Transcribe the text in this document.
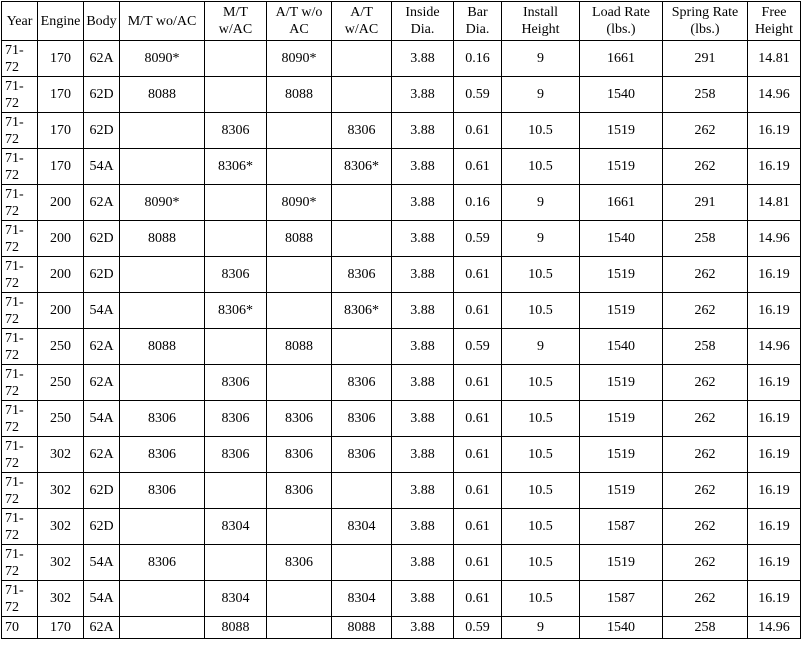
Year	Engine	Body	M/T wo/AC	M/T w/AC	A/T w/o AC	A/T w/AC	Inside Dia.	Bar Dia.	Install Height	Load Rate (lbs.)	Spring Rate (lbs.)	Free Height
71-
72	170	62A	8090*		8090*		3.88	0.16	9	1661	291	14.81
71-
72	170	62D	8088		8088		3.88	0.59	9	1540	258	14.96
71-
72	170	62D		8306		8306	3.88	0.61	10.5	1519	262	16.19
71-
72	170	54A		8306*		8306*	3.88	0.61	10.5	1519	262	16.19
71-
72	200	62A	8090*		8090*		3.88	0.16	9	1661	291	14.81
71-
72	200	62D	8088		8088		3.88	0.59	9	1540	258	14.96
71-
72	200	62D		8306		8306	3.88	0.61	10.5	1519	262	16.19
71-
72	200	54A		8306*		8306*	3.88	0.61	10.5	1519	262	16.19
71-
72	250	62A	8088		8088		3.88	0.59	9	1540	258	14.96
71-
72	250	62A		8306		8306	3.88	0.61	10.5	1519	262	16.19
71-
72	250	54A	8306	8306	8306	8306	3.88	0.61	10.5	1519	262	16.19
71-
72	302	62A	8306	8306	8306	8306	3.88	0.61	10.5	1519	262	16.19
71-
72	302	62D	8306		8306		3.88	0.61	10.5	1519	262	16.19
71-
72	302	62D		8304		8304	3.88	0.61	10.5	1587	262	16.19
71-
72	302	54A	8306		8306		3.88	0.61	10.5	1519	262	16.19
71-
72	302	54A		8304		8304	3.88	0.61	10.5	1587	262	16.19
70	170	62A		8088		8088	3.88	0.59	9	1540	258	14.96
